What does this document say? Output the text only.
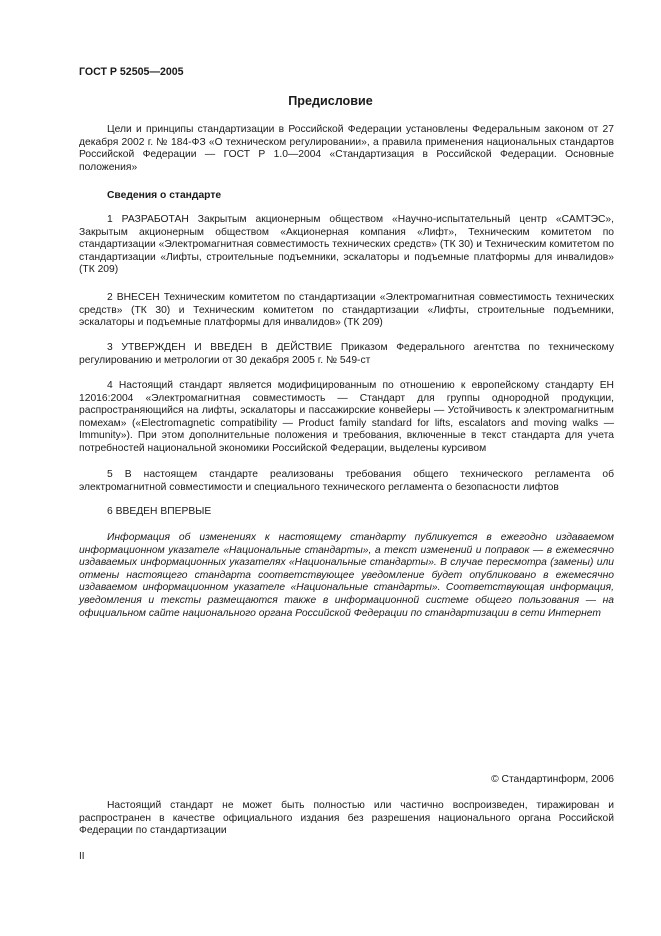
ГОСТ Р 52505—2005

Предисловие

Цели и принципы стандартизации в Российской Федерации установлены Федеральным законом от 27 декабря 2002 г. № 184-ФЗ «О техническом регулировании», а правила применения национальных стандартов Российской Федерации — ГОСТ Р 1.0—2004 «Стандартизация в Российской Федерации. Основные положения»

Сведения о стандарте

1 РАЗРАБОТАН Закрытым акционерным обществом «Научно-испытательный центр «САМТЭС», Закрытым акционерным обществом «Акционерная компания «Лифт», Техническим комитетом по стандартизации «Электромагнитная совместимость технических средств» (ТК 30) и Техническим комитетом по стандартизации «Лифты, строительные подъемники, эскалаторы и подъемные платформы для инвалидов» (ТК 209)

2 ВНЕСЕН Техническим комитетом по стандартизации «Электромагнитная совместимость технических средств» (ТК 30) и Техническим комитетом по стандартизации «Лифты, строительные подъемники, эскалаторы и подъемные платформы для инвалидов» (ТК 209)

3 УТВЕРЖДЕН И ВВЕДЕН В ДЕЙСТВИЕ Приказом Федерального агентства по техническому регулированию и метрологии от 30 декабря 2005 г. № 549-ст

4 Настоящий стандарт является модифицированным по отношению к европейскому стандарту ЕН 12016:2004 «Электромагнитная совместимость — Стандарт для группы однородной продукции, распространяющийся на лифты, эскалаторы и пассажирские конвейеры — Устойчивость к электромагнитным помехам» («Electromagnetic compatibility — Product family standard for lifts, escalators and moving walks — Immunity»). При этом дополнительные положения и требования, включенные в текст стандарта для учета потребностей национальной экономики Российской Федерации, выделены курсивом

5 В настоящем стандарте реализованы требования общего технического регламента об электромагнитной совместимости и специального технического регламента о безопасности лифтов

6 ВВЕДЕН ВПЕРВЫЕ

Информация об изменениях к настоящему стандарту публикуется в ежегодно издаваемом информационном указателе «Национальные стандарты», а текст изменений и поправок — в ежемесячно издаваемых информационных указателях «Национальные стандарты». В случае пересмотра (замены) или отмены настоящего стандарта соответствующее уведомление будет опубликовано в ежемесячно издаваемом информационном указателе «Национальные стандарты». Соответствующая информация, уведомления и тексты размещаются также в информационной системе общего пользования — на официальном сайте национального органа Российской Федерации по стандартизации в сети Интернет

© Стандартинформ, 2006

Настоящий стандарт не может быть полностью или частично воспроизведен, тиражирован и распространен в качестве официального издания без разрешения национального органа Российской Федерации по стандартизации

II
